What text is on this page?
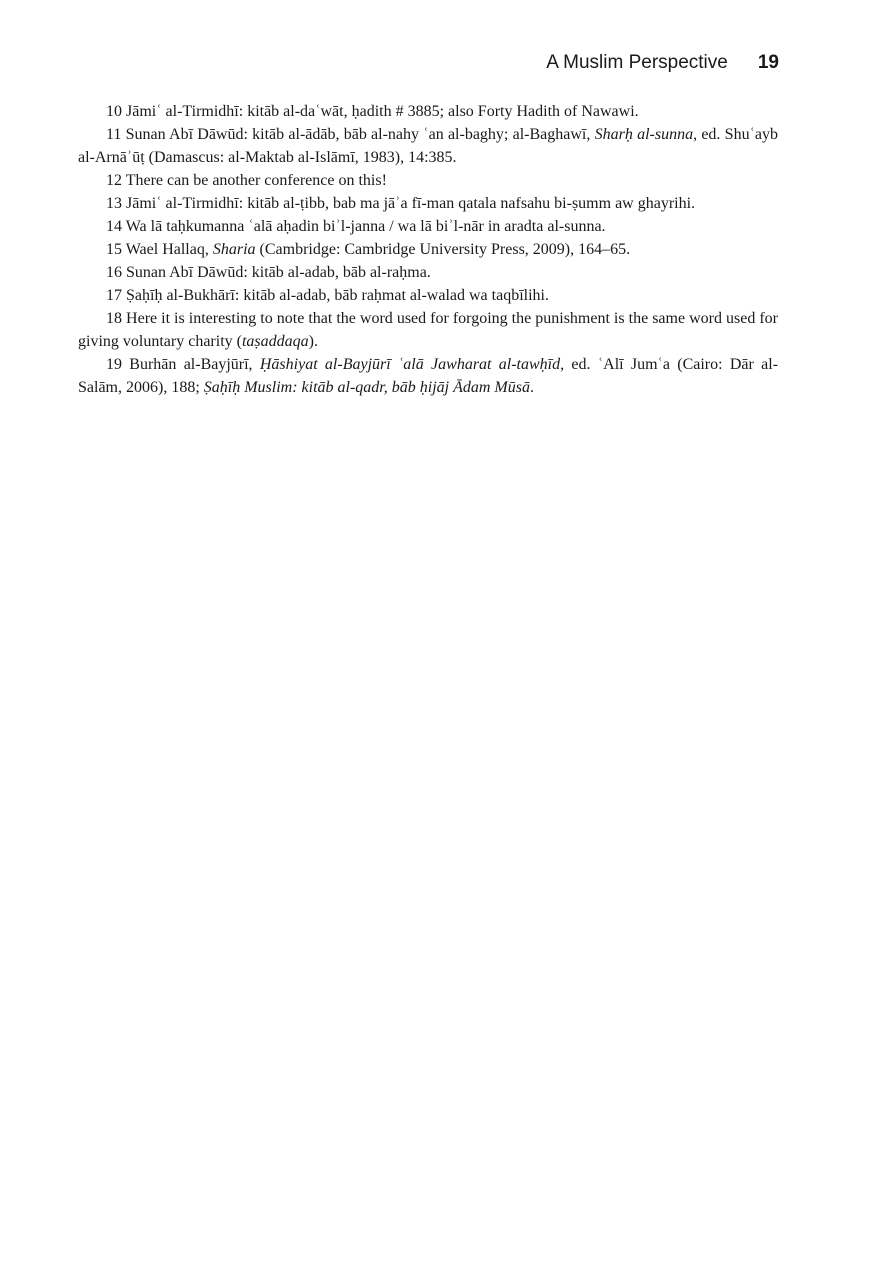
A Muslim Perspective 19

10 Jāmiʿ al-Tirmidhī: kitāb al-daʿwāt, ḥadith # 3885; also Forty Hadith of Nawawi.

11 Sunan Abī Dāwūd: kitāb al-ādāb, bāb al-nahy ʿan al-baghy; al-Baghawī, Sharḥ al-sunna, ed. Shuʿayb al-Arnāʾūṭ (Damascus: al-Maktab al-Islāmī, 1983), 14:385.

12 There can be another conference on this!

13 Jāmiʿ al-Tirmidhī: kitāb al-ṭibb, bab ma jāʾa fī-man qatala nafsahu bi-ṣumm aw ghayrihi.

14 Wa lā taḥkumanna ʿalā aḥadin biʾl-janna / wa lā biʾl-nār in aradta al-sunna.

15 Wael Hallaq, Sharia (Cambridge: Cambridge University Press, 2009), 164–65.

16 Sunan Abī Dāwūd: kitāb al-adab, bāb al-raḥma.

17 Ṣaḥīḥ al-Bukhārī: kitāb al-adab, bāb raḥmat al-walad wa taqbīlihi.

18 Here it is interesting to note that the word used for forgoing the punishment is the same word used for giving voluntary charity (taṣaddaqa).

19 Burhān al-Bayjūrī, Ḥāshiyat al-Bayjūrī ʿalā Jawharat al-tawḥīd, ed. ʿAlī Jumʿa (Cairo: Dār al-Salām, 2006), 188; Ṣaḥīḥ Muslim: kitāb al-qadr, bāb ḥijāj Ādam Mūsā.
